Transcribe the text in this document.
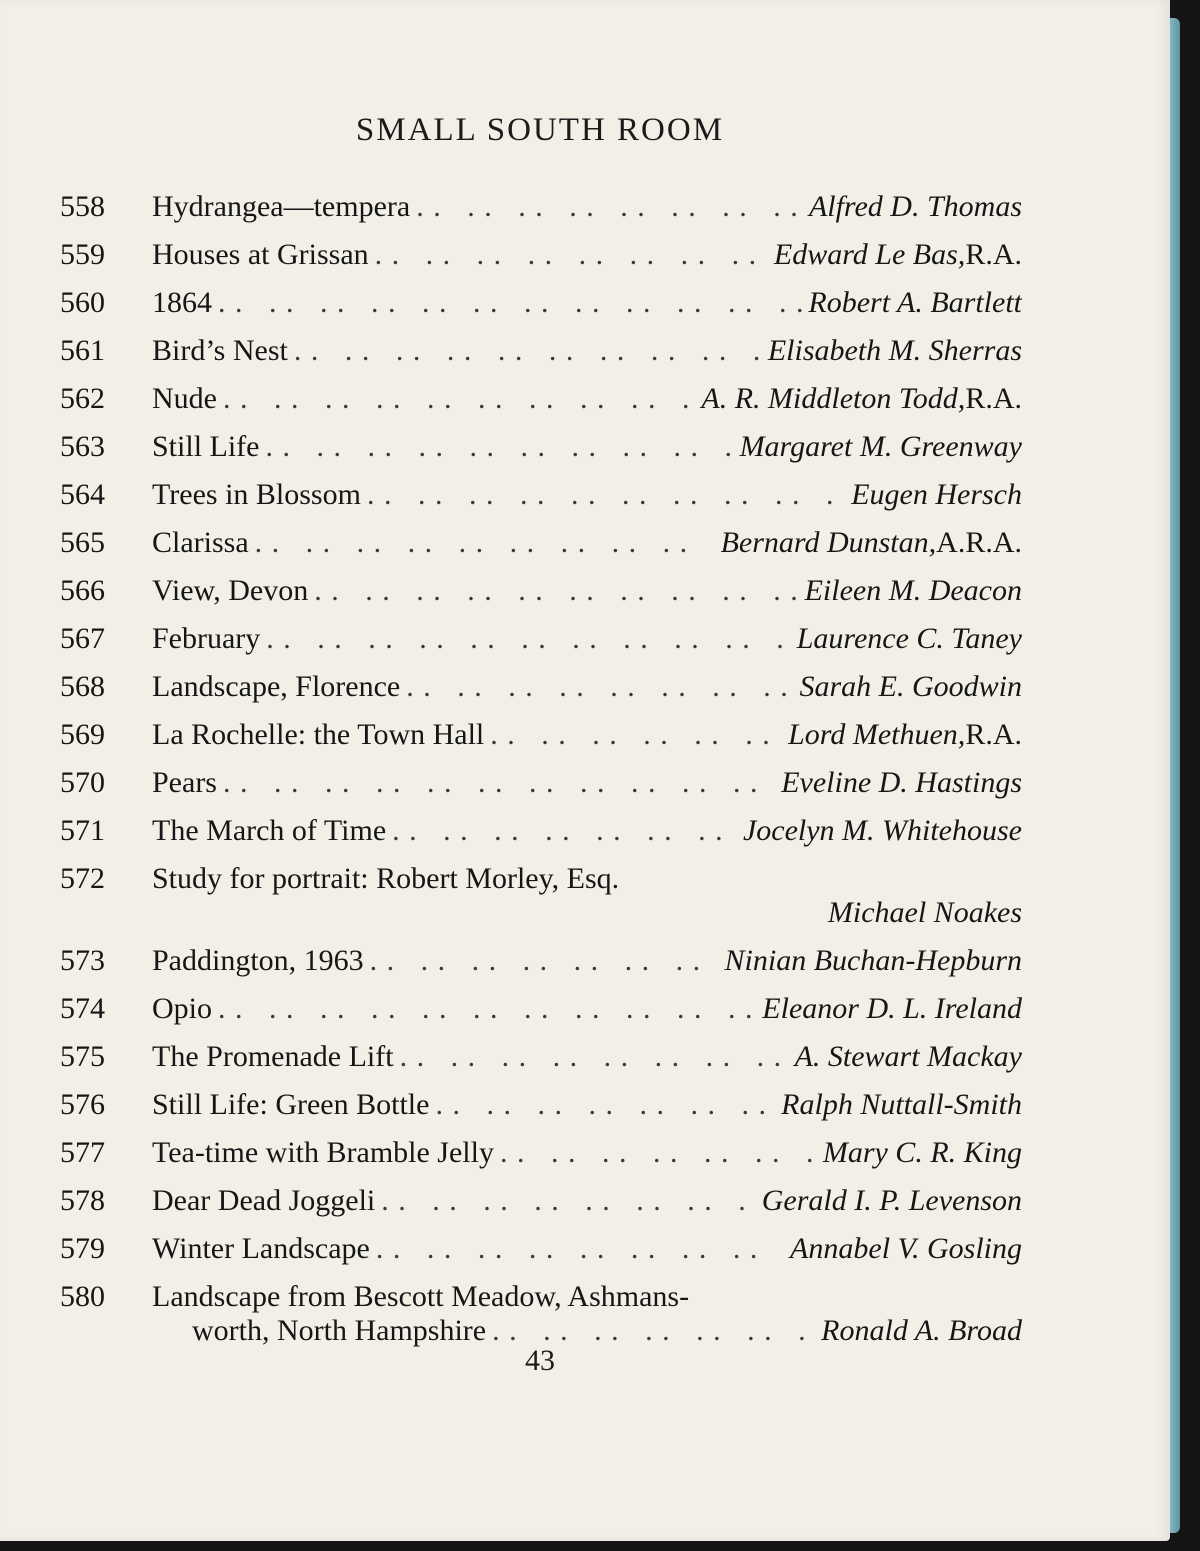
SMALL SOUTH ROOM
558	Hydrangea—tempera . .	Alfred D. Thomas
559	Houses at Grissan . .	Edward Le Bas, R.A.
560	1864 . .	Robert A. Bartlett
561	Bird’s Nest . .	Elisabeth M. Sherras
562	Nude . .	A. R. Middleton Todd, R.A.
563	Still Life . .	Margaret M. Greenway
564	Trees in Blossom . .	Eugen Hersch
565	Clarissa . .	Bernard Dunstan, A.R.A.
566	View, Devon . .	Eileen M. Deacon
567	February . .	Laurence C. Taney
568	Landscape, Florence . .	Sarah E. Goodwin
569	La Rochelle: the Town Hall . .	Lord Methuen, R.A.
570	Pears . .	Eveline D. Hastings
571	The March of Time . .	Jocelyn M. Whitehouse
572	Study for portrait: Robert Morley, Esq.
Michael Noakes
573	Paddington, 1963 . .	Ninian Buchan-Hepburn
574	Opio . .	Eleanor D. L. Ireland
575	The Promenade Lift . .	A. Stewart Mackay
576	Still Life: Green Bottle . .	Ralph Nuttall-Smith
577	Tea-time with Bramble Jelly . .	Mary C. R. King
578	Dear Dead Joggeli . .	Gerald I. P. Levenson
579	Winter Landscape . .	Annabel V. Gosling
580	Landscape from Bescott Meadow, Ashmans-
worth, North Hampshire . .	Ronald A. Broad
43
